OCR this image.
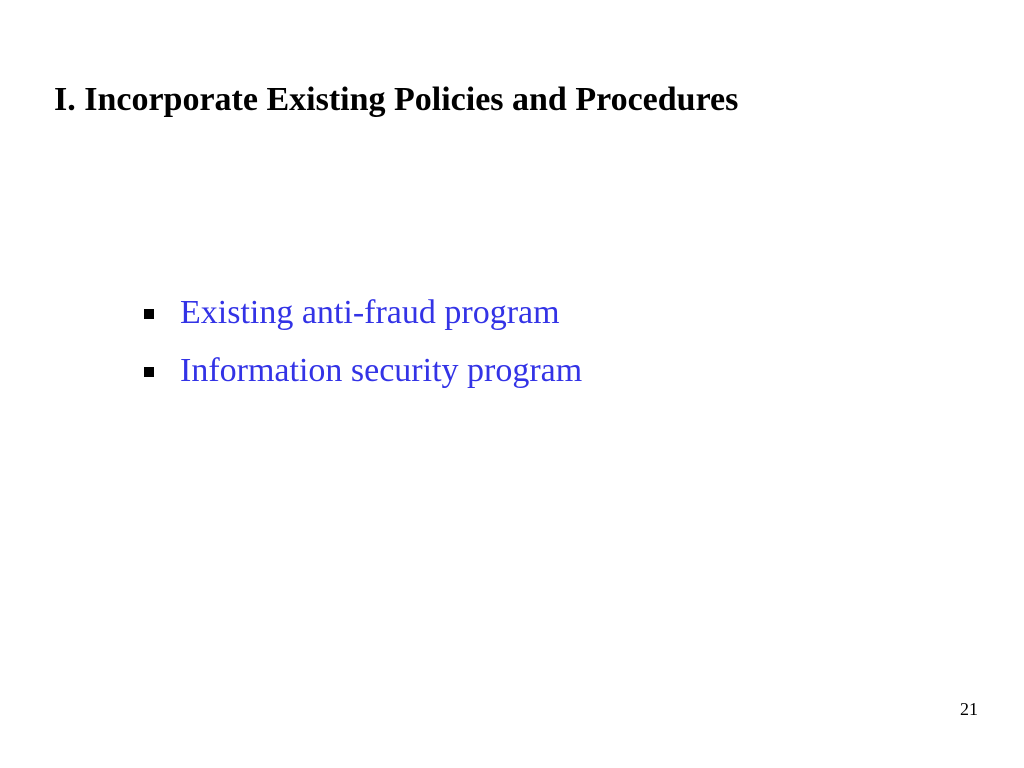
I. Incorporate Existing Policies and Procedures
Existing anti-fraud program
Information security program
21
